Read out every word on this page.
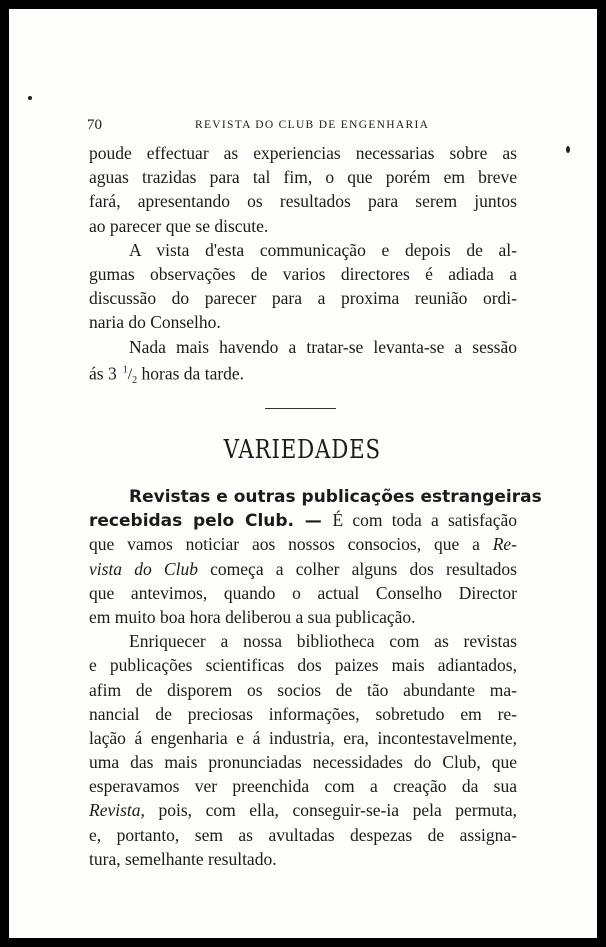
70	REVISTA DO CLUB DE ENGENHARIA
poude effectuar as experiencias necessarias sobre as
aguas trazidas para tal fim, o que porém em breve
fará, apresentando os resultados para serem juntos
ao parecer que se discute.
A vista d'esta communicação e depois de al-
gumas observações de varios directores é adiada a
discussão do parecer para a proxima reunião ordi-
naria do Conselho.
Nada mais havendo a tratar-se levanta-se a sessão
ás 3 $^1/_2$ horas da tarde.
VARIEDADES
Revistas e outras publicações estrangeiras
recebidas pelo Club. — É com toda a satisfação
que vamos noticiar aos nossos consocios, que a Re-
vista do Club começa a colher alguns dos resultados
que antevimos, quando o actual Conselho Director
em muito boa hora deliberou a sua publicação.
Enriquecer a nossa bibliotheca com as revistas
e publicações scientificas dos paizes mais adiantados,
afim de disporem os socios de tão abundante ma-
nancial de preciosas informações, sobretudo em re-
lação á engenharia e á industria, era, incontestavelmente,
uma das mais pronunciadas necessidades do Club, que
esperavamos ver preenchida com a creação da sua
Revista, pois, com ella, conseguir-se-ia pela permuta,
e, portanto, sem as avultadas despezas de assigna-
tura, semelhante resultado.
